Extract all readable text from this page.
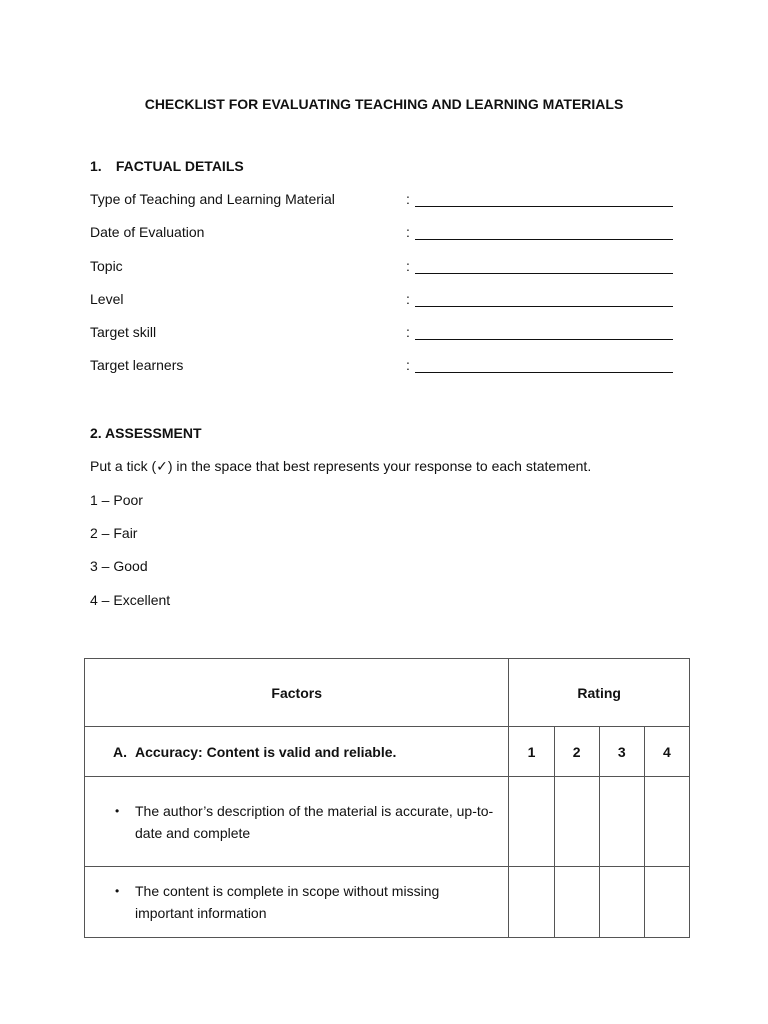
CHECKLIST FOR EVALUATING TEACHING AND LEARNING MATERIALS
1. FACTUAL DETAILS
Type of Teaching and Learning Material	:
Date of Evaluation	:
Topic	:
Level	:
Target skill	:
Target learners	:
2. ASSESSMENT
Put a tick (✓) in the space that best represents your response to each statement.
1 – Poor
2 – Fair
3 – Good
4 – Excellent
Factors	Rating			
A. Accuracy: Content is valid and reliable.	1	2	3	4

• The author’s description of the material is accurate, up-to-date and complete				

• The content is complete in scope without missing important information				
